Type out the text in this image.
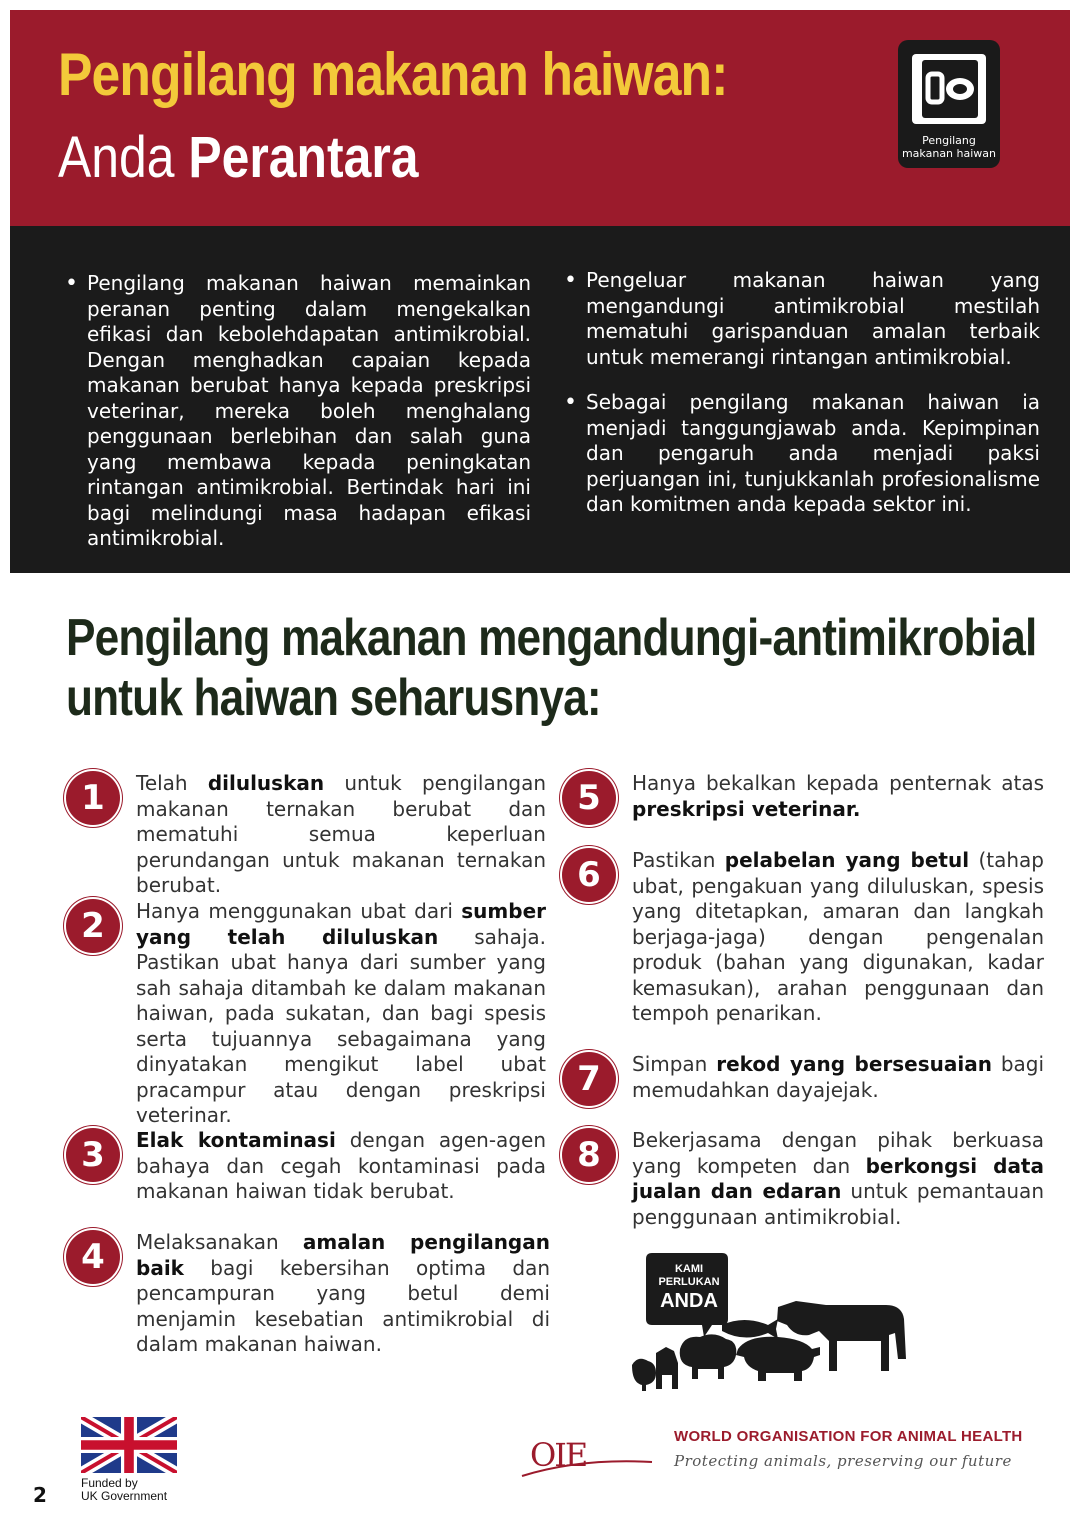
Pengilang makanan haiwan:
Anda Perantara	Pengilang
makanan haiwan
• Pengilang makanan haiwan memainkan peranan penting dalam mengekalkan efikasi dan kebolehdapatan antimikrobial. Dengan menghadkan capaian kepada makanan berubat hanya kepada preskripsi veterinar, mereka boleh menghalang penggunaan berlebihan dan salah guna yang membawa kepada peningkatan rintangan antimikrobial. Bertindak hari ini bagi melindungi masa hadapan efikasi antimikrobial.
• Pengeluar makanan haiwan yang mengandungi antimikrobial mestilah mematuhi garispanduan amalan terbaik untuk memerangi rintangan antimikrobial.
• Sebagai pengilang makanan haiwan ia menjadi tanggungjawab anda. Kepimpinan dan pengaruh anda menjadi paksi perjuangan ini, tunjukkanlah profesionalisme dan komitmen anda kepada sektor ini.
Pengilang makanan mengandungi-antimikrobial
untuk haiwan seharusnya:
1	Telah diluluskan untuk pengilangan makanan ternakan berubat dan mematuhi semua keperluan perundangan untuk makanan ternakan berubat.
2	Hanya menggunakan ubat dari sumber yang telah diluluskan sahaja. Pastikan ubat hanya dari sumber yang sah sahaja ditambah ke dalam makanan haiwan, pada sukatan, dan bagi spesis serta tujuannya sebagaimana yang dinyatakan mengikut label ubat pracampur atau dengan preskripsi veterinar.
3	Elak kontaminasi dengan agen-agen bahaya dan cegah kontaminasi pada makanan haiwan tidak berubat.
4	Melaksanakan amalan pengilangan baik bagi kebersihan optima dan pencampuran yang betul demi menjamin kesebatian antimikrobial di dalam makanan haiwan.
5	Hanya bekalkan kepada penternak atas preskripsi veterinar.
6	Pastikan pelabelan yang betul (tahap ubat, pengakuan yang diluluskan, spesis yang ditetapkan, amaran dan langkah berjaga-jaga) dengan pengenalan produk (bahan yang digunakan, kadar kemasukan), arahan penggunaan dan tempoh penarikan.
7	Simpan rekod yang bersesuaian bagi memudahkan dayajejak.
8	Bekerjasama dengan pihak berkuasa yang kompeten dan berkongsi data jualan dan edaran untuk pemantauan penggunaan antimikrobial.
KAMI
PERLUKAN
ANDA
Funded by
UK Government
2
oie	WORLD ORGANISATION FOR ANIMAL HEALTH
Protecting animals, preserving our future
